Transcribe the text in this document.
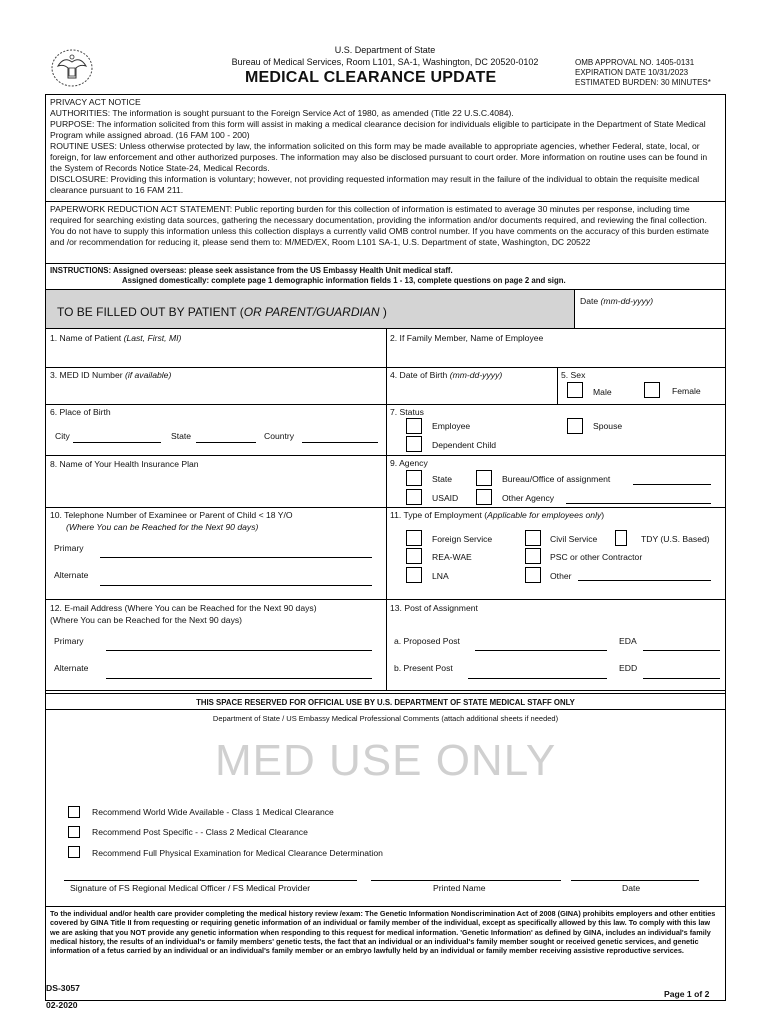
U.S. Department of State
Bureau of Medical Services, Room L101, SA-1, Washington, DC 20520-0102
MEDICAL CLEARANCE UPDATE
OMB APPROVAL NO. 1405-0131
EXPIRATION DATE 10/31/2023
ESTIMATED BURDEN: 30 MINUTES*
PRIVACY ACT NOTICE
AUTHORITIES: The information is sought pursuant to the Foreign Service Act of 1980, as amended (Title 22 U.S.C.4084).
PURPOSE: The information solicited from this form will assist in making a medical clearance decision for individuals eligible to participate in the Department of State Medical Program while assigned abroad. (16 FAM 100 - 200)
ROUTINE USES: Unless otherwise protected by law, the information solicited on this form may be made available to appropriate agencies, whether Federal, state, local, or foreign, for law enforcement and other authorized purposes. The information may also be disclosed pursuant to court order. More information on routine uses can be found in the System of Records Notice State-24, Medical Records.
DISCLOSURE: Providing this information is voluntary; however, not providing requested information may result in the failure of the individual to obtain the requisite medical clearance pursuant to 16 FAM 211.
PAPERWORK REDUCTION ACT STATEMENT: Public reporting burden for this collection of information is estimated to average 30 minutes per response, including time required for searching existing data sources, gathering the necessary documentation, providing the information and/or documents required, and reviewing the final collection. You do not have to supply this information unless this collection displays a currently valid OMB control number. If you have comments on the accuracy of this burden estimate and /or recommendation for reducing it, please send them to: M/MED/EX, Room L101 SA-1, U.S. Department of state, Washington, DC 20522
INSTRUCTIONS: Assigned overseas: please seek assistance from the US Embassy Health Unit medical staff.
Assigned domestically: complete page 1 demographic information fields 1 - 13, complete questions on page 2 and sign.
TO BE FILLED OUT BY PATIENT (OR PARENT/GUARDIAN )
Date (mm-dd-yyyy)
1. Name of Patient (Last, First, MI)	2. If Family Member, Name of Employee
3. MED ID Number (if available)	4. Date of Birth (mm-dd-yyyy)	5. Sex
Male	Female
6. Place of Birth
City	State	Country
7. Status
Employee	Spouse
Dependent Child
8. Name of Your Health Insurance Plan	9. Agency
State	Bureau/Office of assignment
USAID	Other Agency
10. Telephone Number of Examinee or Parent of Child < 18 Y/O
(Where You can be Reached for the Next 90 days)
Primary
Alternate
11. Type of Employment (Applicable for employees only)
Foreign Service	Civil Service	TDY (U.S. Based)
REA-WAE	PSC or other Contractor
LNA	Other
12. E-mail Address (Where You can be Reached for the Next 90 days)
(Where You can be Reached for the Next 90 days)
Primary
Alternate
13. Post of Assignment
a. Proposed Post	EDA
b. Present Post	EDD
THIS SPACE RESERVED FOR OFFICIAL USE BY U.S. DEPARTMENT OF STATE MEDICAL STAFF ONLY
Department of State / US Embassy Medical Professional Comments (attach additional sheets if needed)
MED USE ONLY
Recommend World Wide Available - Class 1 Medical Clearance
Recommend Post Specific - - Class 2 Medical Clearance
Recommend Full Physical Examination for Medical Clearance Determination
Signature of FS Regional Medical Officer / FS Medical Provider	Printed Name	Date
To the individual and/or health care provider completing the medical history review /exam: The Genetic Information Nondiscrimination Act of 2008 (GINA) prohibits employers and other entities covered by GINA Title II from requesting or requiring genetic information of an individual or family member of the individual, except as specifically allowed by this law. To comply with this law we are asking that you NOT provide any genetic information when responding to this request for medical information. 'Genetic Information' as defined by GINA, includes an individual's family medical history, the results of an individual's or family members' genetic tests, the fact that an individual or an individual's family member sought or received genetic services, and genetic information of a fetus carried by an individual or an individual's family member or an embryo lawfully held by an individual or family member receiving assistive reproductive services.
DS-3057
02-2020
Page 1 of 2
